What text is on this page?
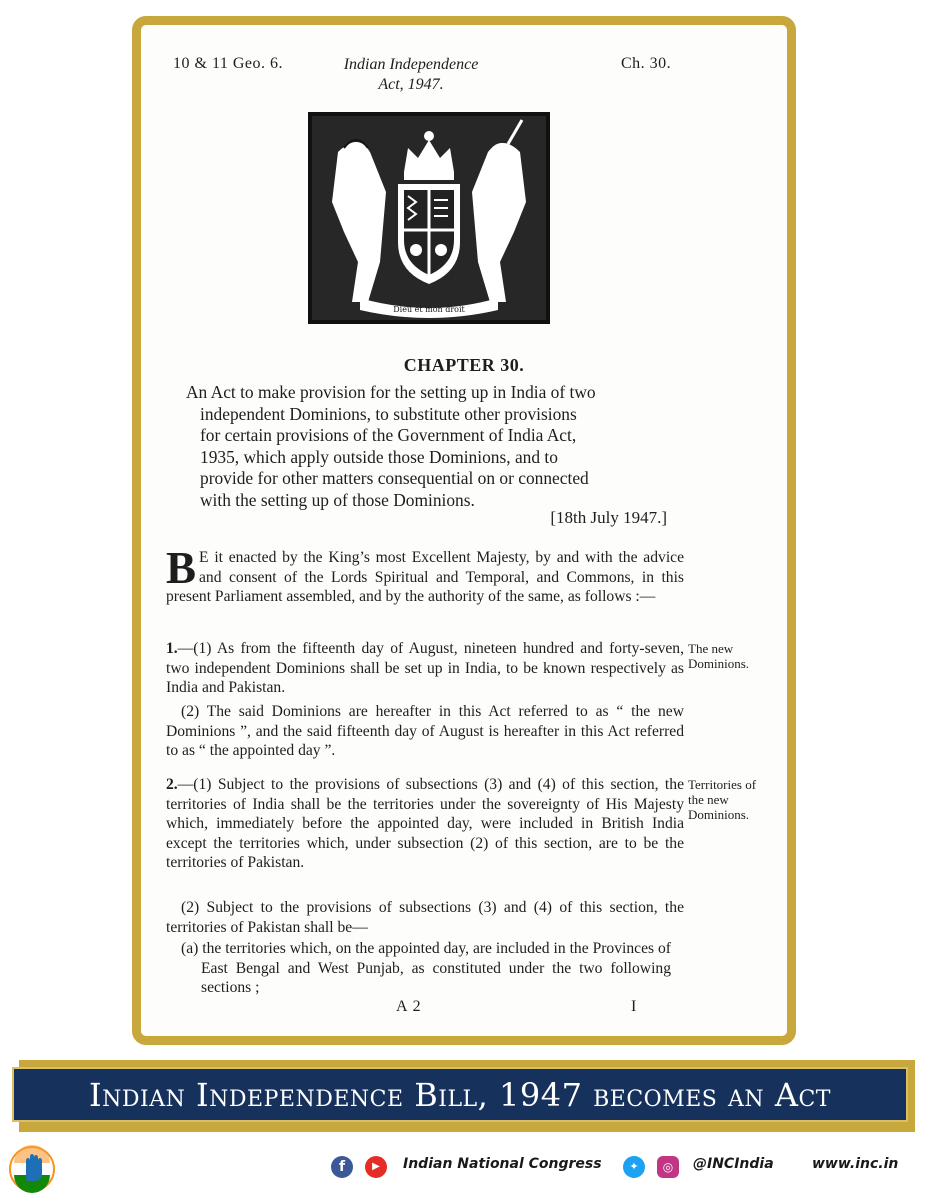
10 & 11 Geo. 6.	Indian Independence
Act, 1947.
Ch. 30.
Dieu et mon droit
CHAPTER 30.
An Act to make provision for the setting up in India of two
independent Dominions, to substitute other provisions
for certain provisions of the Government of India Act,
1935, which apply outside those Dominions, and to
provide for other matters consequential on or connected
with the setting up of those Dominions.
[18th July 1947.]
B E it enacted by the King’s most Excellent Majesty, by and with the advice and consent of the Lords Spiritual and Temporal, and Commons, in this present Parliament assembled, and by the authority of the same, as follows :—
1.—(1) As from the fifteenth day of August, nineteen hundred and forty-seven, two independent Dominions shall be set up in India, to be known respectively as India and Pakistan.
(2) The said Dominions are hereafter in this Act referred to as “ the new Dominions ”, and the said fifteenth day of August is hereafter in this Act referred to as “ the appointed day ”.
The new Dominions.
2.—(1) Subject to the provisions of subsections (3) and (4) of this section, the territories of India shall be the territories under the sovereignty of His Majesty which, immediately before the appointed day, were included in British India except the territories which, under subsection (2) of this section, are to be the territories of Pakistan.
Territories of the new Dominions.
(2) Subject to the provisions of subsections (3) and (4) of this section, the territories of Pakistan shall be—
(a) the territories which, on the appointed day, are included in the Provinces of East Bengal and West Punjab, as constituted under the two following sections ;
A 2	I
Indian Independence Bill, 1947 becomes an Act
f	▶	Indian National Congress	✦	◎	@INCIndia	www.inc.in
